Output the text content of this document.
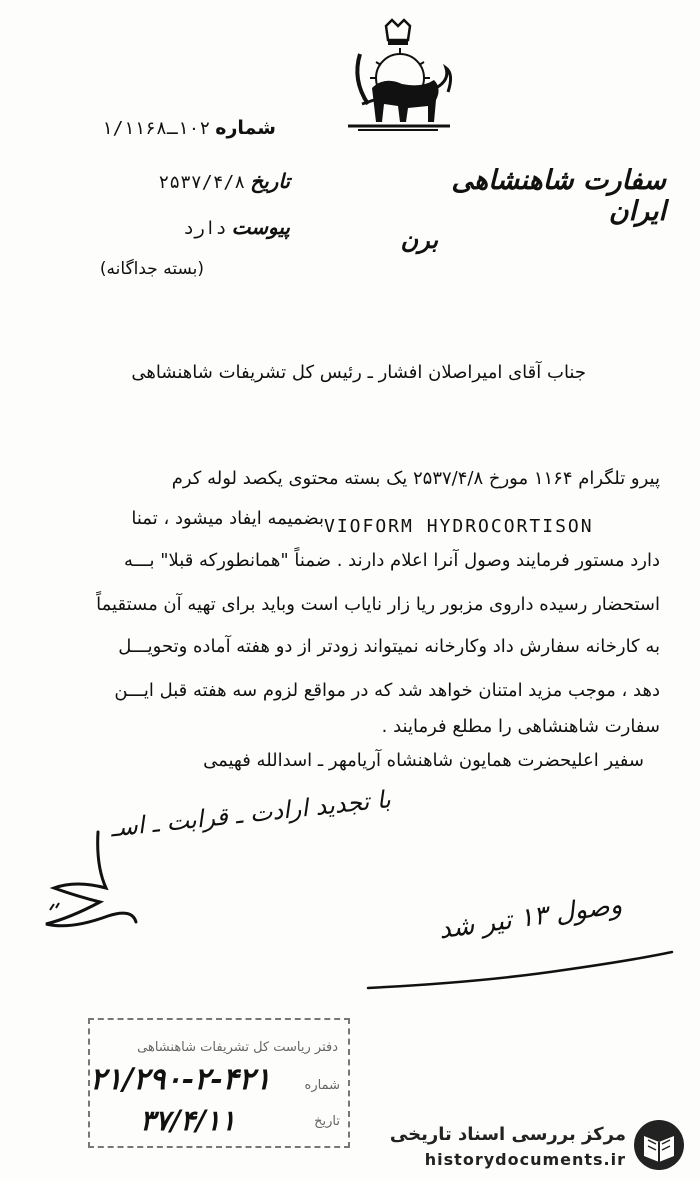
شماره ۱۰۲ـ۱/۱۱۶۸
سفارت شاهنشاهی ایران
تاریخ ۲۵۳۷/۴/۸
پیوست دارد	برن
(بسته جداگانه)
جناب آقای امیراصلان افشار ـ رئیس کل تشریفات شاهنشاهی
پیرو تلگرام ۱۱۶۴ مورخ ۲۵۳۷/۴/۸ یک بسته محتوی یکصد لوله کرم
VIOFORM HYDROCORTISON
بضمیمه ایفاد میشود ، تمنا
دارد مستور فرمایند وصول آنرا اعلام دارند . ضمناً "همانطورکه قبلا" بـــه
استحضار رسیده داروی مزبور ریا زار نایاب است وباید برای تهیه آن مستقیماً
به کارخانه سفارش داد وکارخانه نمیتواند زودتر از دو هفته آماده وتحویـــل
دهد ، موجب مزید امتنان خواهد شد که در مواقع لزوم سه هفته قبل ایـــن
سفارت شاهنشاهی را مطلع فرمایند .
سفیر اعلیحضرت همایون شاهنشاه آریامهر ـ اسدالله فهیمی
با تجدید ارادت ـ قرابت ـ اسـ
وصول ۱۳ تیر شد
دفتر ریاست کل تشریفات شاهنشاهی
شماره
تاریخ
۲۱/۲۹۰-۲-۴۲۱
۳۷/۴/۱۱	مرکز بررسی اسناد تاریخی
historydocuments.ir
